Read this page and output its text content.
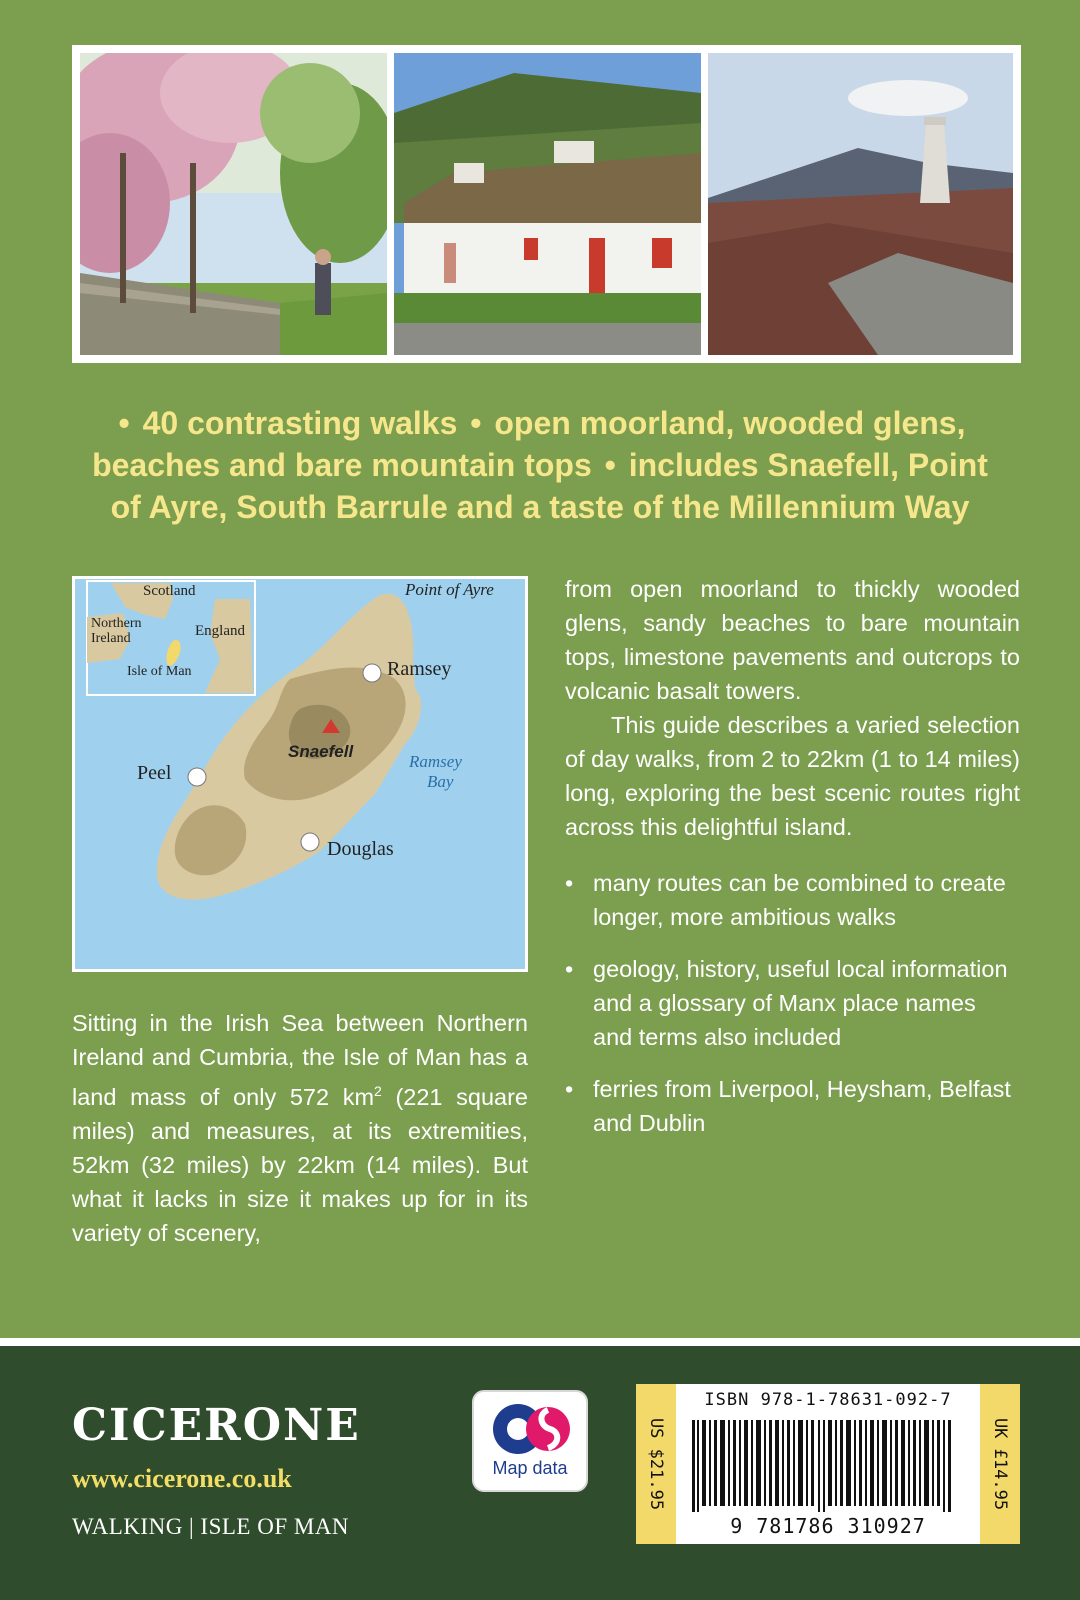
• 40 contrasting walks • open moorland, wooded glens,
beaches and bare mountain tops • includes Snaefell, Point
of Ayre, South Barrule and a taste of the Millennium Way
Scotland
Northern
Ireland	England
Isle of Man
Point of Ayre
Ramsey
Snaefell
Ramsey
Bay
Peel
Douglas

from open moorland to thickly wooded glens, sandy beaches to bare mountain tops, limestone pavements and outcrops to volcanic basalt towers.

This guide describes a varied selection of day walks, from 2 to 22km (1 to 14 miles) long, exploring the best scenic routes right across this delightful island.

• many routes can be combined to create longer, more ambitious walks
• geology, history, useful local information and a glossary of Manx place names and terms also included
• ferries from Liverpool, Heysham, Belfast and Dublin

Sitting in the Irish Sea between Northern Ireland and Cumbria, the Isle of Man has a land mass of only 572 $km^2$ (221 square miles) and measures, at its extremities, 52km (32 miles) by 22km (14 miles). But what it lacks in size it makes up for in its variety of scenery,

CICERONE
www.cicerone.co.uk
WALKING | ISLE OF MAN
Map data	US $21.95
ISBN 978-1-78631-092-7
9 781786 310927
UK £14.95
